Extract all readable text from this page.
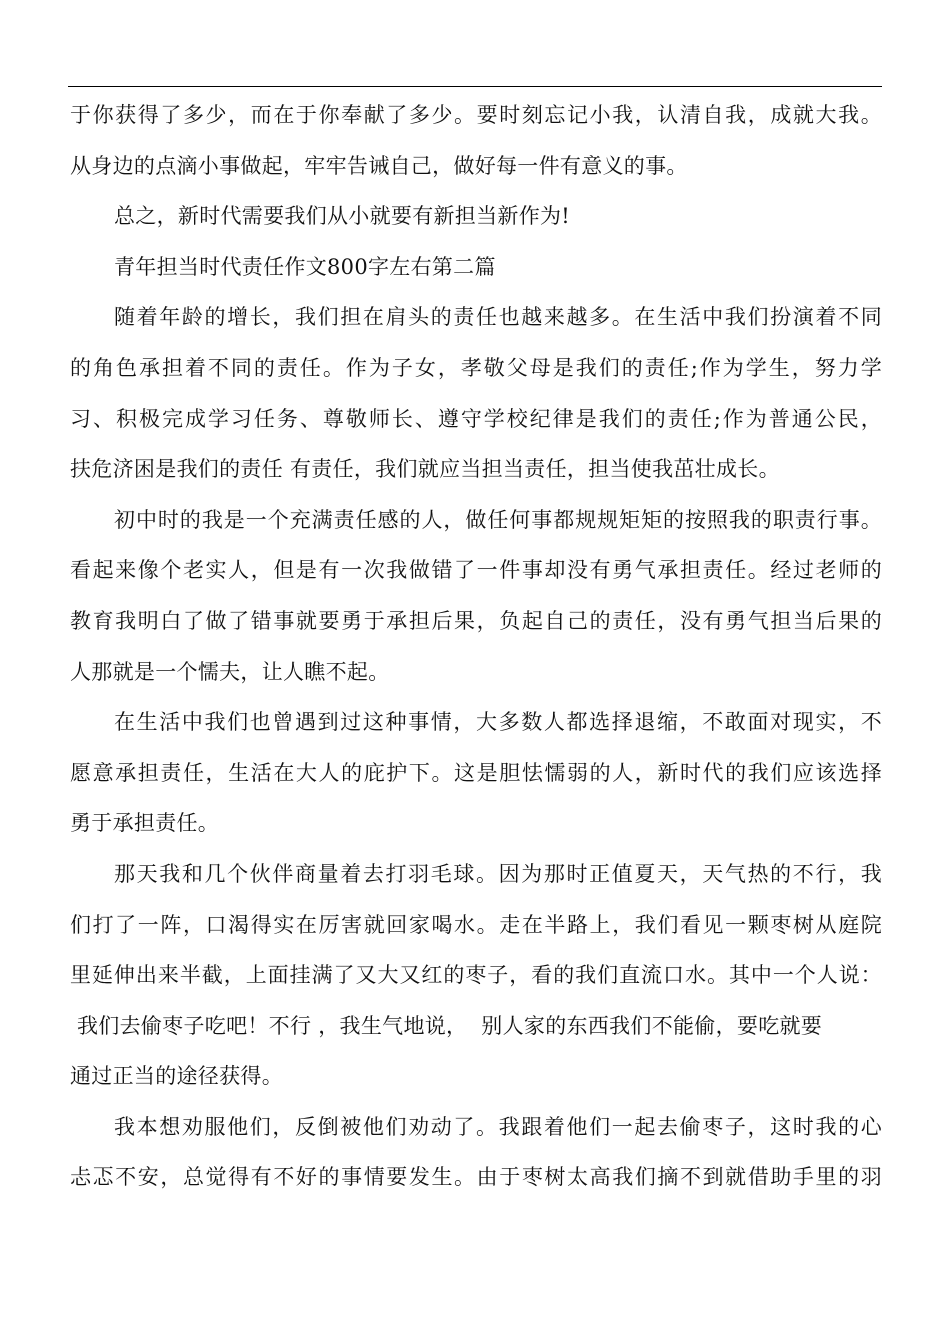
于你获得了多少，而在于你奉献了多少。要时刻忘记小我，认清自我，成就大我。
从身边的点滴小事做起，牢牢告诫自己，做好每一件有意义的事。
总之，新时代需要我们从小就要有新担当新作为!
青年担当时代责任作文800字左右第二篇
随着年龄的增长，我们担在肩头的责任也越来越多。在生活中我们扮演着不同
的角色承担着不同的责任。作为子女，孝敬父母是我们的责任;作为学生，努力学
习、积极完成学习任务、尊敬师长、遵守学校纪律是我们的责任;作为普通公民，
扶危济困是我们的责任 有责任，我们就应当担当责任，担当使我茁壮成长。
初中时的我是一个充满责任感的人，做任何事都规规矩矩的按照我的职责行事。
看起来像个老实人，但是有一次我做错了一件事却没有勇气承担责任。经过老师的
教育我明白了做了错事就要勇于承担后果，负起自己的责任，没有勇气担当后果的
人那就是一个懦夫，让人瞧不起。
在生活中我们也曾遇到过这种事情，大多数人都选择退缩，不敢面对现实，不
愿意承担责任，生活在大人的庇护下。这是胆怯懦弱的人，新时代的我们应该选择
勇于承担责任。
那天我和几个伙伴商量着去打羽毛球。因为那时正值夏天，天气热的不行，我
们打了一阵，口渴得实在厉害就回家喝水。走在半路上，我们看见一颗枣树从庭院
里延伸出来半截，上面挂满了又大又红的枣子，看的我们直流口水。其中一个人说：
我们去偷枣子吃吧！不行 ，我生气地说，  别人家的东西我们不能偷，要吃就要
通过正当的途径获得。
我本想劝服他们，反倒被他们劝动了。我跟着他们一起去偷枣子，这时我的心
忐忑不安，总觉得有不好的事情要发生。由于枣树太高我们摘不到就借助手里的羽
